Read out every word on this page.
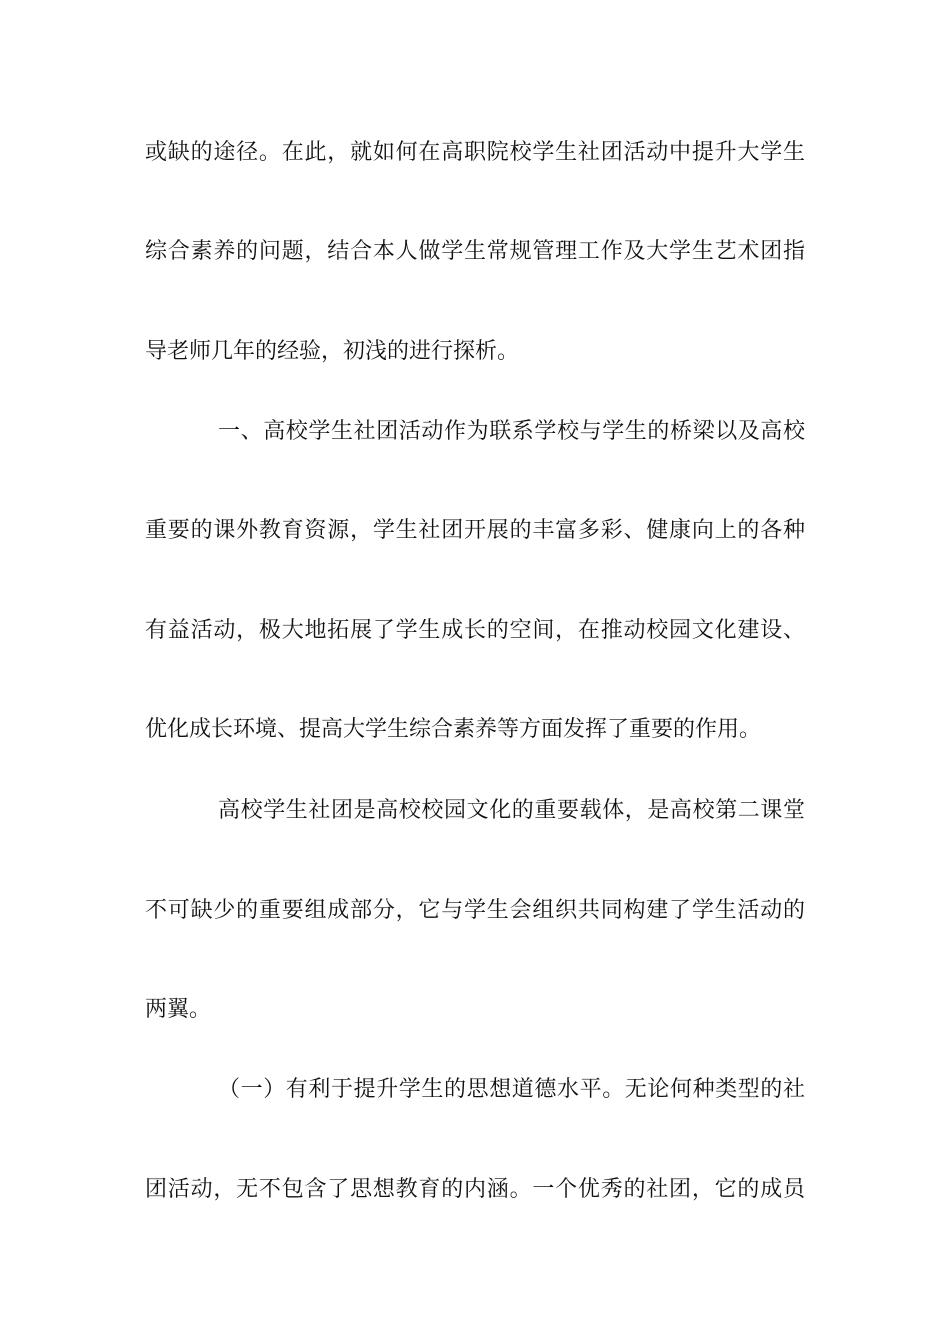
或缺的途径。在此，就如何在高职院校学生社团活动中提升大学生
综合素养的问题，结合本人做学生常规管理工作及大学生艺术团指
导老师几年的经验，初浅的进行探析。
一、高校学生社团活动作为联系学校与学生的桥梁以及高校
重要的课外教育资源，学生社团开展的丰富多彩、健康向上的各种
有益活动，极大地拓展了学生成长的空间，在推动校园文化建设、
优化成长环境、提高大学生综合素养等方面发挥了重要的作用。
高校学生社团是高校校园文化的重要载体，是高校第二课堂
不可缺少的重要组成部分，它与学生会组织共同构建了学生活动的
两翼。
（一）有利于提升学生的思想道德水平。无论何种类型的社
团活动，无不包含了思想教育的内涵。一个优秀的社团，它的成员
